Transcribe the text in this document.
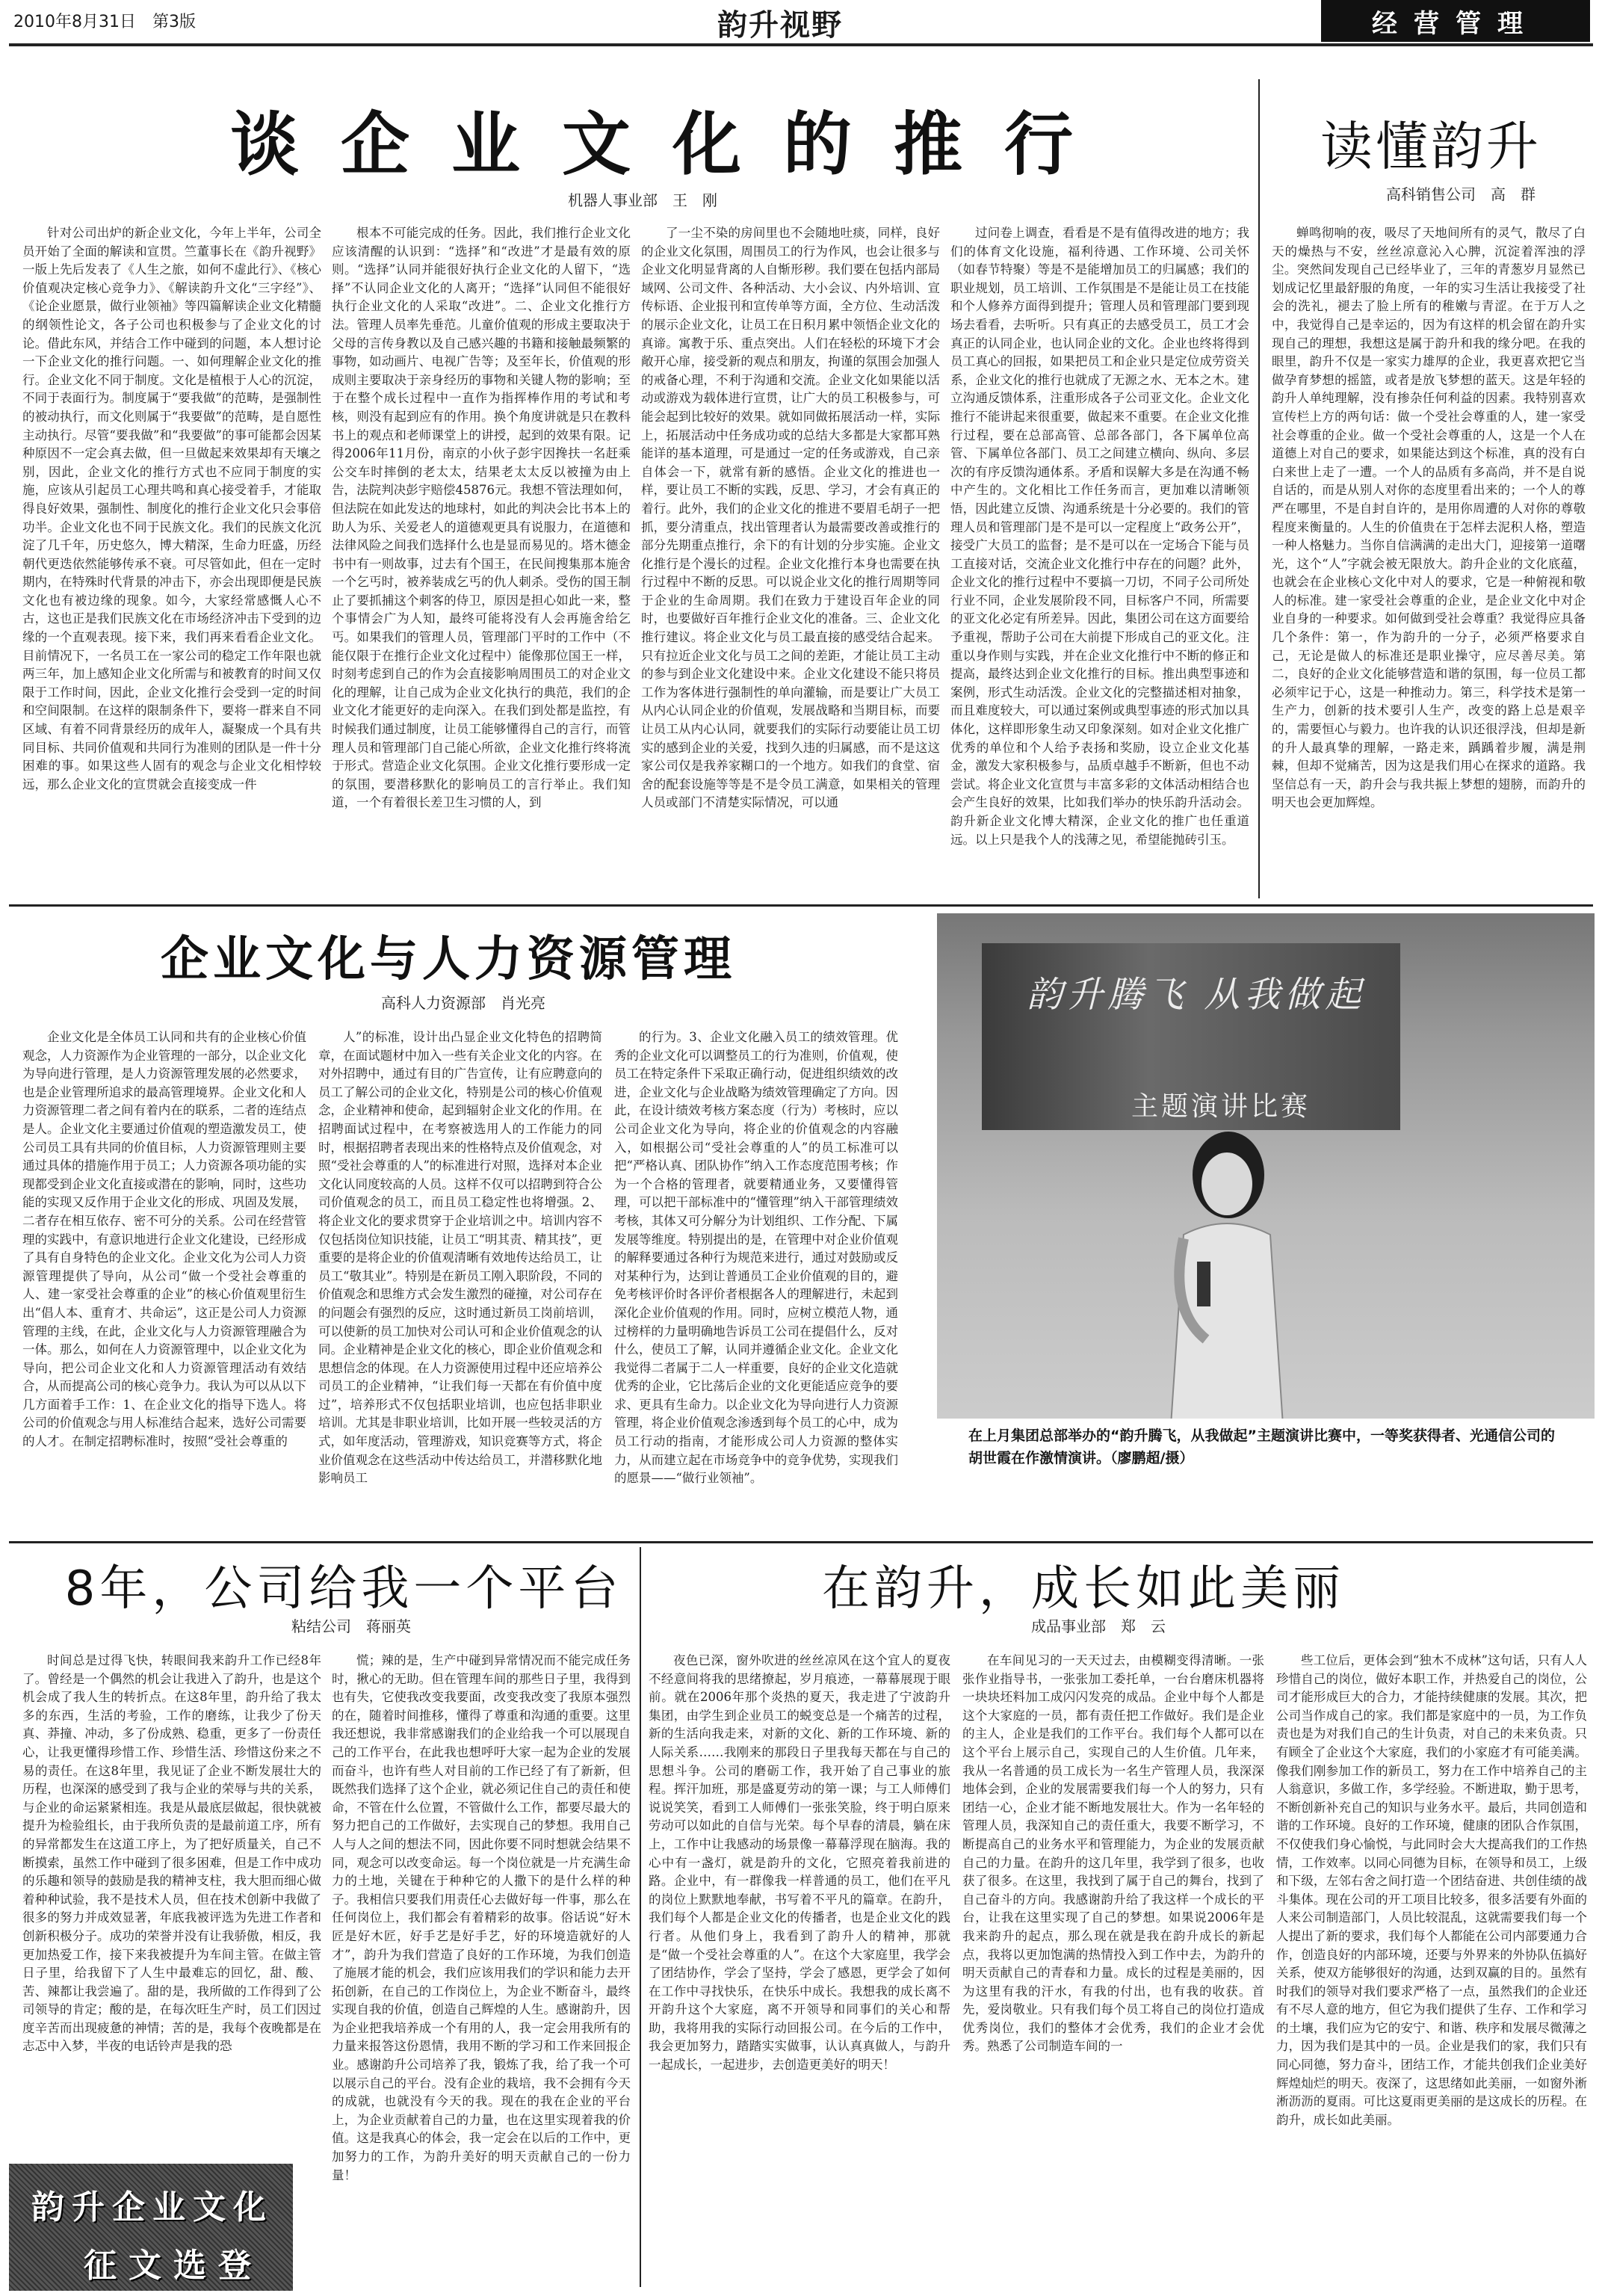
2010年8月31日　第3版	韵升视野	经营管理
谈企业文化的推行
机器人事业部　王　刚

针对公司出炉的新企业文化，今年上半年，公司全员开始了全面的解读和宣贯。竺董事长在《韵升视野》一版上先后发表了《人生之旅，如何不虚此行》、《核心价值观决定核心竞争力》、《解读韵升文化“三字经”》、《论企业愿景，做行业领袖》等四篇解读企业文化精髓的纲领性论文，各子公司也积极参与了企业文化的讨论。借此东风，并结合工作中碰到的问题，本人想讨论一下企业文化的推行问题。一、如何理解企业文化的推行。企业文化不同于制度。文化是植根于人心的沉淀，不同于表面行为。制度属于“要我做”的范畴，是强制性的被动执行，而文化则属于“我要做”的范畴，是自愿性主动执行。尽管“要我做”和“我要做”的事可能都会因某种原因不一定会真去做，但一旦做起来效果却有天壤之别，因此，企业文化的推行方式也不应同于制度的实施，应该从引起员工心理共鸣和真心接受着手，才能取得良好效果，强制性、制度化的推行企业文化只会事倍功半。企业文化也不同于民族文化。我们的民族文化沉淀了几千年，历史悠久，博大精深，生命力旺盛，历经朝代更迭依然能够传承不衰。可尽管如此，但在一定时期内，在特殊时代背景的冲击下，亦会出现即便是民族文化也有被边缘的现象。如今，大家经常感慨人心不古，这也正是我们民族文化在市场经济冲击下受到的边缘的一个直观表现。接下来，我们再来看看企业文化。目前情况下，一名员工在一家公司的稳定工作年限也就两三年，加上感知企业文化所需与和被教育的时间又仅限于工作时间，因此，企业文化推行会受到一定的时间和空间限制。在这样的限制条件下，要将一群来自不同区域、有着不同背景经历的成年人，凝聚成一个具有共同目标、共同价值观和共同行为准则的团队是一件十分困难的事。如果这些人固有的观念与企业文化相悖较远，那么企业文化的宣贯就会直接变成一件

根本不可能完成的任务。因此，我们推行企业文化应该清醒的认识到：“选择”和“改进”才是最有效的原则。“选择”认同并能很好执行企业文化的人留下，“选择”不认同企业文化的人离开；“选择”认同但不能很好执行企业文化的人采取“改进”。二、企业文化推行方法。管理人员率先垂范。儿童价值观的形成主要取决于父母的言传身教以及自己感兴趣的书籍和接触最频繁的事物，如动画片、电视广告等；及至年长，价值观的形成则主要取决于亲身经历的事物和关键人物的影响；至于在整个成长过程中一直作为指挥棒作用的考试和考核，则没有起到应有的作用。换个角度讲就是只在教科书上的观点和老师课堂上的讲授，起到的效果有限。记得2006年11月份，南京的小伙子彭宇因搀扶一名赶乘公交车时摔倒的老太太，结果老太太反以被撞为由上告，法院判决彭宇赔偿45876元。我想不管法理如何，但法院在如此发达的地球村，如此的判决会比书本上的助人为乐、关爱老人的道德观更具有说服力，在道德和法律风险之间我们选择什么也是显而易见的。塔木德金书中有一则故事，过去有个国王，在民间搜集那本施舍一个乞丐时，被养装成乞丐的仇人刺杀。受伤的国王制止了要抓捕这个刺客的侍卫，原因是担心如此一来，整个事情会广为人知，最终可能将没有人会再施舍给乞丐。如果我们的管理人员，管理部门平时的工作中（不能仅限于在推行企业文化过程中）能像那位国王一样，时刻考虑到自己的作为会直接影响周围员工的对企业文化的理解，让自己成为企业文化执行的典范，我们的企业文化才能更好的走向深入。在我们到处都是监控，有时候我们通过制度，让员工能够懂得自己的言行，而管理人员和管理部门自己能心所欲，企业文化推行终将流于形式。营造企业文化氛围。企业文化推行要形成一定的氛围，要潜移默化的影响员工的言行举止。我们知道，一个有着很长差卫生习惯的人，到

了一尘不染的房间里也不会随地吐痰，同样，良好的企业文化氛围，周围员工的行为作风，也会让很多与企业文化明显背离的人自惭形秽。我们要在包括内部局域网、公司文件、各种活动、大小会议、内外培训、宣传标语、企业报刊和宣传单等方面，全方位、生动活泼的展示企业文化，让员工在日积月累中领悟企业文化的真谛。寓教于乐、重点突出。人们在轻松的环境下才会敞开心扉，接受新的观点和朋友，拘谨的氛围会加强人的戒备心理，不利于沟通和交流。企业文化如果能以活动或游戏为载体进行宣贯，让广大的员工积极参与，可能会起到比较好的效果。就如同做拓展活动一样，实际上，拓展活动中任务成功或的总结大多都是大家都耳熟能详的基本道理，可是通过一定的任务或游戏，自己亲自体会一下，就常有新的感悟。企业文化的推进也一样，要让员工不断的实践，反思、学习，才会有真正的着行。此外，我们的企业文化的推进不要眉毛胡子一把抓，要分清重点，找出管理者认为最需要改善或推行的部分先期重点推行，余下的有计划的分步实施。企业文化推行是个漫长的过程。企业文化推行本身也需要在执行过程中不断的反思。可以说企业文化的推行周期等同于企业的生命周期。我们在致力于建设百年企业的同时，也要做好百年推行企业文化的准备。三、企业文化推行建议。将企业文化与员工最直接的感受结合起来。只有拉近企业文化与员工之间的差距，才能让员工主动的参与到企业文化建设中来。企业文化建设不能只将员工作为客体进行强制性的单向灌输，而是要让广大员工从内心认同企业的价值观，发展战略和当期目标，而要让员工从内心认同，就要我们的实际行动要能让员工切实的感到企业的关爱，找到久违的归属感，而不是这这家公司仅是我养家糊口的一个地方。如我们的食堂、宿舍的配套设施等等是不是令员工满意，如果相关的管理人员或部门不清楚实际情况，可以通

过问卷上调查，看看是不是有值得改进的地方；我们的体育文化设施，福利待遇、工作环境、公司关怀（如春节特聚）等是不是能增加员工的归属感；我们的职业规划，员工培训、工作氛围是不是能让员工在技能和个人修养方面得到提升；管理人员和管理部门要到现场去看看，去听听。只有真正的去感受员工，员工才会真正的认同企业，也认同企业的文化。企业也终将得到员工真心的回报，如果把员工和企业只是定位成劳资关系，企业文化的推行也就成了无源之水、无本之木。建立沟通反馈体系，注重形成各子公司亚文化。企业文化推行不能讲起来很重要，做起来不重要。在企业文化推行过程，要在总部高管、总部各部门，各下属单位高管、下属单位各部门、员工之间建立横向、纵向、多层次的有序反馈沟通体系。矛盾和误解大多是在沟通不畅中产生的。文化相比工作任务而言，更加难以清晰领悟，因此建立反馈、沟通系统是十分必要的。我们的管理人员和管理部门是不是可以一定程度上“政务公开”，接受广大员工的监督；是不是可以在一定场合下能与员工直接对话，交流企业文化推行中存在的问题？此外，企业文化的推行过程中不要搞一刀切，不同子公司所处行业不同，企业发展阶段不同，目标客户不同，所需要的亚文化必定有所差异。因此，集团公司在这方面要给予重视，帮助子公司在大前提下形成自己的亚文化。注重以身作则与实践，并在企业文化推行中不断的修正和提高，最终达到企业文化推行的目标。推出典型事迹和案例，形式生动活泼。企业文化的完整描述相对抽象，而且难度较大，可以通过案例或典型事迹的形式加以具体化，这样即形象生动又印象深刻。如对企业文化推广优秀的单位和个人给予表扬和奖励，设立企业文化基金，激发大家积极参与，品质卓越手不断新，但也不动尝试。将企业文化宣贯与丰富多彩的文体活动相结合也会产生良好的效果，比如我们举办的快乐韵升活动会。韵升新企业文化博大精深，企业文化的推广也任重道远。以上只是我个人的浅薄之见，希望能抛砖引玉。

读懂韵升
高科销售公司　高　群

蝉鸣彻响的夜，吸尽了天地间所有的灵气，散尽了白天的燥热与不安，丝丝凉意沁入心脾，沉淀着浑浊的浮尘。突然间发现自己已经毕业了，三年的青葱岁月显然已划成记忆里最舒服的角度，一年的实习生活让我接受了社会的洗礼，褪去了脸上所有的稚嫩与青涩。在于万人之中，我觉得自己是幸运的，因为有这样的机会留在韵升实现自己的理想，我想这是属于韵升和我的缘分吧。在我的眼里，韵升不仅是一家实力雄厚的企业，我更喜欢把它当做孕育梦想的摇篮，或者是放飞梦想的蓝天。这是年轻的韵升人单纯理解，没有掺杂任何利益的因素。我特别喜欢宣传栏上方的两句话：做一个受社会尊重的人，建一家受社会尊重的企业。做一个受社会尊重的人，这是一个人在道德上对自己的要求，如果能达到这个标准，真的没有白白来世上走了一遭。一个人的品质有多高尚，并不是自说自话的，而是从别人对你的态度里看出来的；一个人的尊严在哪里，不是自封自许的，是用你周遭的人对你的尊敬程度来衡量的。人生的价值贵在于怎样去泥积人格，塑造一种人格魅力。当你自信满满的走出大门，迎接第一道曙光，这个“人”字就会被无限放大。韵升企业的文化底蕴，也就会在企业核心文化中对人的要求，它是一种俯视和敬人的标准。建一家受社会尊重的企业，是企业文化中对企业自身的一种要求。如何做到受社会尊重？我觉得应具备几个条件：第一，作为韵升的一分子，必须严格要求自己，无论是做人的标准还是职业操守，应尽善尽美。第二，良好的企业文化能够营造和谐的氛围，每一位员工都必须牢记于心，这是一种推动力。第三，科学技术是第一生产力，创新的技术要引人生产，改变的路上总是艰辛的，需要恒心与毅力。也许我的认识还很浮浅，但却是新的升人最真挚的理解，一路走来，踽踽着步履，满是荆棘，但却不觉痛苦，因为这是我们用心在探求的道路。我坚信总有一天，韵升会与我共振上梦想的翅膀，而韵升的明天也会更加辉煌。

企业文化与人力资源管理
高科人力资源部　肖光亮

企业文化是全体员工认同和共有的企业核心价值观念，人力资源作为企业管理的一部分，以企业文化为导向进行管理，是人力资源管理发展的必然要求，也是企业管理所追求的最高管理境界。企业文化和人力资源管理二者之间有着内在的联系，二者的连结点是人。企业文化主要通过价值观的塑造激发员工，使公司员工具有共同的价值目标，人力资源管理则主要通过具体的措施作用于员工；人力资源各项功能的实现都受到企业文化直接或潜在的影响，同时，这些功能的实现又反作用于企业文化的形成、巩固及发展，二者存在相互依存、密不可分的关系。公司在经营管理的实践中，有意识地进行企业文化建设，已经形成了具有自身特色的企业文化。企业文化为公司人力资源管理提供了导向，从公司“做一个受社会尊重的人、建一家受社会尊重的企业”的核心价值观里衍生出“倡人本、重育才、共命运”，这正是公司人力资源管理的主线，在此，企业文化与人力资源管理融合为一体。那么，如何在人力资源管理中，以企业文化为导向，把公司企业文化和人力资源管理活动有效结合，从而提高公司的核心竞争力。我认为可以从以下几方面着手工作：1、在企业文化的指导下选人。将公司的价值观念与用人标准结合起来，选好公司需要的人才。在制定招聘标准时，按照“受社会尊重的

人”的标准，设计出凸显企业文化特色的招聘简章，在面试题材中加入一些有关企业文化的内容。在对外招聘中，通过有目的广告宣传，让有应聘意向的员工了解公司的企业文化，特别是公司的核心价值观念，企业精神和使命，起到辐射企业文化的作用。在招聘面试过程中，在考察被选用人的工作能力的同时，根据招聘者表现出来的性格特点及价值观念，对照“受社会尊重的人”的标准进行对照，选择对本企业文化认同度较高的人员。这样不仅可以招聘到符合公司价值观念的员工，而且员工稳定性也将增强。2、将企业文化的要求贯穿于企业培训之中。培训内容不仅包括岗位知识技能，让员工“明其责、精其技”，更重要的是将企业的价值观清晰有效地传达给员工，让员工“敬其业”。特别是在新员工刚入职阶段，不同的价值观念和思维方式会发生激烈的碰撞，对公司存在的问题会有强烈的反应，这时通过新员工岗前培训，可以使新的员工加快对公司认可和企业价值观念的认同。企业精神是企业文化的核心，即企业价值观念和思想信念的体现。在人力资源使用过程中还应培养公司员工的企业精神，“让我们每一天都在有价值中度过”，培养形式不仅包括职业培训，也应包括非职业培训。尤其是非职业培训，比如开展一些较灵活的方式，如年度活动，管理游戏，知识竞赛等方式，将企业价值观念在这些活动中传达给员工，并潜移默化地影响员工

的行为。3、企业文化融入员工的绩效管理。优秀的企业文化可以调整员工的行为准则，价值观，使员工在特定条件下采取正确行动，促进组织绩效的改进，企业文化与企业战略为绩效管理确定了方向。因此，在设计绩效考核方案态度（行为）考核时，应以公司企业文化为导向，将企业的价值观念的内容融入，如根据公司“受社会尊重的人”的员工标准可以把“严格认真、团队协作”纳入工作态度范围考核；作为一个合格的管理者，就要精通业务，又要懂得管理，可以把干部标准中的“懂管理”纳入干部管理绩效考核，其体又可分解分为计划组织、工作分配、下属发展等维度。特别提出的是，在管理中对企业价值观的解释要通过各种行为规范来进行，通过对鼓励或反对某种行为，达到让普通员工企业价值观的目的，避免考核评价时各评价者根据各人的理解进行，未起到深化企业价值观的作用。同时，应树立模范人物，通过榜样的力量明确地告诉员工公司在提倡什么，反对什么，使员工了解，认同并遵循企业文化。企业文化我觉得二者属于二人一样重要，良好的企业文化造就优秀的企业，它比荡后企业的文化更能适应竞争的要求、更具有生命力。以企业文化为导向进行人力资源管理，将企业价值观念渗透到每个员工的心中，成为员工行动的指南，才能形成公司人力资源的整体实力，从而建立起在市场竞争中的竞争优势，实现我们的愿景——“做行业领袖”。

韵升腾飞 从我做起
主题演讲比赛
在上月集团总部举办的“韵升腾飞，从我做起”主题演讲比赛中，一等奖获得者、光通信公司的胡世霞在作激情演讲。（廖鹏超/摄）
8年，公司给我一个平台
粘结公司　蒋丽英

时间总是过得飞快，转眼间我来韵升工作已经8年了。曾经是一个偶然的机会让我进入了韵升，也是这个机会成了我人生的转折点。在这8年里，韵升给了我太多的东西，生活的考验，工作的磨练，让我少了份天真、莽撞、冲动，多了份成熟、稳重，更多了一份责任心，让我更懂得珍惜工作、珍惜生活、珍惜这份来之不易的责任。在这8年里，我见证了企业不断发展壮大的历程，也深深的感受到了我与企业的荣辱与共的关系，与企业的命运紧紧相连。我是从最底层做起，很快就被提升为检验组长，由于我所负责的是最前道工序，所有的异常都发生在这道工序上，为了把好质量关，自己不断摸索，虽然工作中碰到了很多困难，但是工作中成功的乐趣和领导的鼓励是我的精神支柱，我大胆而细心做着种种试验，我不是技术人员，但在技术创新中我做了很多的努力并成效显著，年底我被评选为先进工作者和创新积极分子。成功的荣誉并没有让我骄傲，相反，我更加热爱工作，接下来我被提升为车间主管。在做主管日子里，给我留下了人生中最难忘的回忆，甜、酸、苦、辣都让我尝遍了。甜的是，我所做的工作得到了公司领导的肯定；酸的是，在每次旺生产时，员工们因过度辛苦而出现疲惫的神情；苦的是，我每个夜晚都是在志忑中入梦，半夜的电话铃声是我的恐

慌；辣的是，生产中碰到异常情况而不能完成任务时，揪心的无助。但在管理车间的那些日子里，我得到也有失，它使我改变我要面，改变我改变了我原本强烈的在，随着时间推移，懂得了尊重和沟通的重要。这里我还想说，我非常感谢我们的企业给我一个可以展现自己的工作平台，在此我也想呼吁大家一起为企业的发展而奋斗，也许有些人对目前的工作已经了有了新新，但既然我们选择了这个企业，就必须记住自己的责任和使命，不管在什么位置，不管做什么工作，都要尽最大的努力把自己的工作做好，去实现自己的梦想。我用自己人与人之间的想法不同，因此你要不同时想就会结果不同，观念可以改变命运。每一个岗位就是一片充满生命力的土地，关键在于种种它的人撒下的是什么样的种子。我相信只要我们用责任心去做好每一件事，那么在任何岗位上，我们都会有着精彩的故事。俗话说“好木匠是好木匠，好手艺是好手艺，好的环境造就好的人才”，韵升为我们营造了良好的工作环境，为我们创造了施展才能的机会，我们应该用我们的学识和能力去开拓创新，在自己的工作岗位上，为企业不断奋斗，最终实现自我的价值，创造自己辉煌的人生。感谢韵升，因为企业把我培养成一个有用的人，我一定会用我所有的力量来报答这份恩情，我用不断的学习和工作来回报企业。感谢韵升公司培养了我，锻炼了我，给了我一个可以展示自己的平台。没有企业的栽培，我不会拥有今天的成就，也就没有今天的我。现在的我在企业的平台上，为企业贡献着自己的力量，也在这里实现着我的价值。这是我真心的体会，我一定会在以后的工作中，更加努力的工作，为韵升美好的明天贡献自己的一份力量！

韵升企业文化
征文选登
在韵升，成长如此美丽
成品事业部　郑　云

夜色已深，窗外吹进的丝丝凉风在这个宜人的夏夜不经意间将我的思绪撩起，岁月痕迹，一幕幕展现于眼前。就在2006年那个炎热的夏天，我走进了宁波韵升集团，由学生到企业员工的蜕变总是一个痛苦的过程，新的生活向我走来，对新的文化、新的工作环境、新的人际关系……我刚来的那段日子里我每天都在与自己的思想斗争。公司的磨砺工作，我开始了自己事业的旅程。挥汗加班，那是盛夏劳动的第一课；与工人师傅们说说笑笑，看到工人师傅们一张张笑脸，终于明白原来劳动可以如此的自信与光荣。每个早春的清晨，躺在床上，工作中让我感动的场景像一幕幕浮现在脑海。我的心中有一盏灯，就是韵升的文化，它照亮着我前进的路。企业中，有一群像我一样普通的员工，他们在平凡的岗位上默默地奉献，书写着不平凡的篇章。在韵升，我们每个人都是企业文化的传播者，也是企业文化的践行者。从他们身上，我看到了韵升人的精神，那就是“做一个受社会尊重的人”。在这个大家庭里，我学会了团结协作，学会了坚持，学会了感恩，更学会了如何在工作中寻找快乐，在快乐中成长。我想我的成长离不开韵升这个大家庭，离不开领导和同事们的关心和帮助，我将用我的实际行动回报公司。在今后的工作中，我会更加努力，踏踏实实做事，认认真真做人，与韵升一起成长，一起进步，去创造更美好的明天！

在车间见习的一天天过去，由模糊变得清晰。一张张作业指导书，一张张加工委托单，一台台磨床机器将一块块坯料加工成闪闪发亮的成品。企业中每个人都是这个大家庭的一员，都有责任把工作做好。我们是企业的主人，企业是我们的工作平台。我们每个人都可以在这个平台上展示自己，实现自己的人生价值。几年来，我从一名普通的员工成长为一名生产管理人员，我深深地体会到，企业的发展需要我们每一个人的努力，只有团结一心，企业才能不断地发展壮大。作为一名年轻的管理人员，我深知自己的责任重大，我要不断学习，不断提高自己的业务水平和管理能力，为企业的发展贡献自己的力量。在韵升的这几年里，我学到了很多，也收获了很多。在这里，我找到了属于自己的舞台，找到了自己奋斗的方向。我感谢韵升给了我这样一个成长的平台，让我在这里实现了自己的梦想。如果说2006年是我来韵升的起点，那么现在就是我在韵升成长的新起点，我将以更加饱满的热情投入到工作中去，为韵升的明天贡献自己的青春和力量。成长的过程是美丽的，因为这里有我的汗水，有我的付出，也有我的收获。首先，爱岗敬业。只有我们每个员工将自己的岗位打造成优秀岗位，我们的整体才会优秀，我们的企业才会优秀。熟悉了公司制造车间的一

些工位后，更体会到“独木不成林”这句话，只有人人珍惜自己的岗位，做好本职工作，并热爱自己的岗位，公司才能形成巨大的合力，才能持续健康的发展。其次，把公司当作成自己的家。我们都是家庭中的一员，为工作负责也是为对我们自己的生计负责，对自己的未来负责。只有顾全了企业这个大家庭，我们的小家庭才有可能美满。像我们刚参加工作的新员工，努力在工作中培养自己的主人翁意识，多做工作，多学经验。不断进取，勤于思考，不断创新补充自己的知识与业务水平。最后，共同创造和谐的工作环境。良好的工作环境，健康的团队合作氛围，不仅使我们身心愉悦，与此同时会大大提高我们的工作热情，工作效率。以同心同德为目标，在领导和员工，上级和下级，左邻右舍之间打造一个团结奋进、共创佳绩的战斗集体。现在公司的开工项目比较多，很多活要有外面的人来公司制造部门，人员比较混乱，这就需要我们每一个人提出了新的要求，我们每个人都能在公司内部要通力合作，创造良好的内部环境，还要与外界来的外协队伍搞好关系，使双方能够很好的沟通，达到双赢的目的。虽然有时我们的领导对我们要求严格了一点，虽然我们的企业还有不尽人意的地方，但它为我们提供了生存、工作和学习的土壤，我们应为它的安宁、和谐、秩序和发展尽微薄之力，因为我们是其中的一员。企业是我们的家，我们只有同心同德，努力奋斗，团结工作，才能共创我们企业美好辉煌灿烂的明天。夜深了，这思绪如此美丽，一如窗外淅淅沥沥的夏雨。可比这夏雨更美丽的是这成长的历程。在韵升，成长如此美丽。
